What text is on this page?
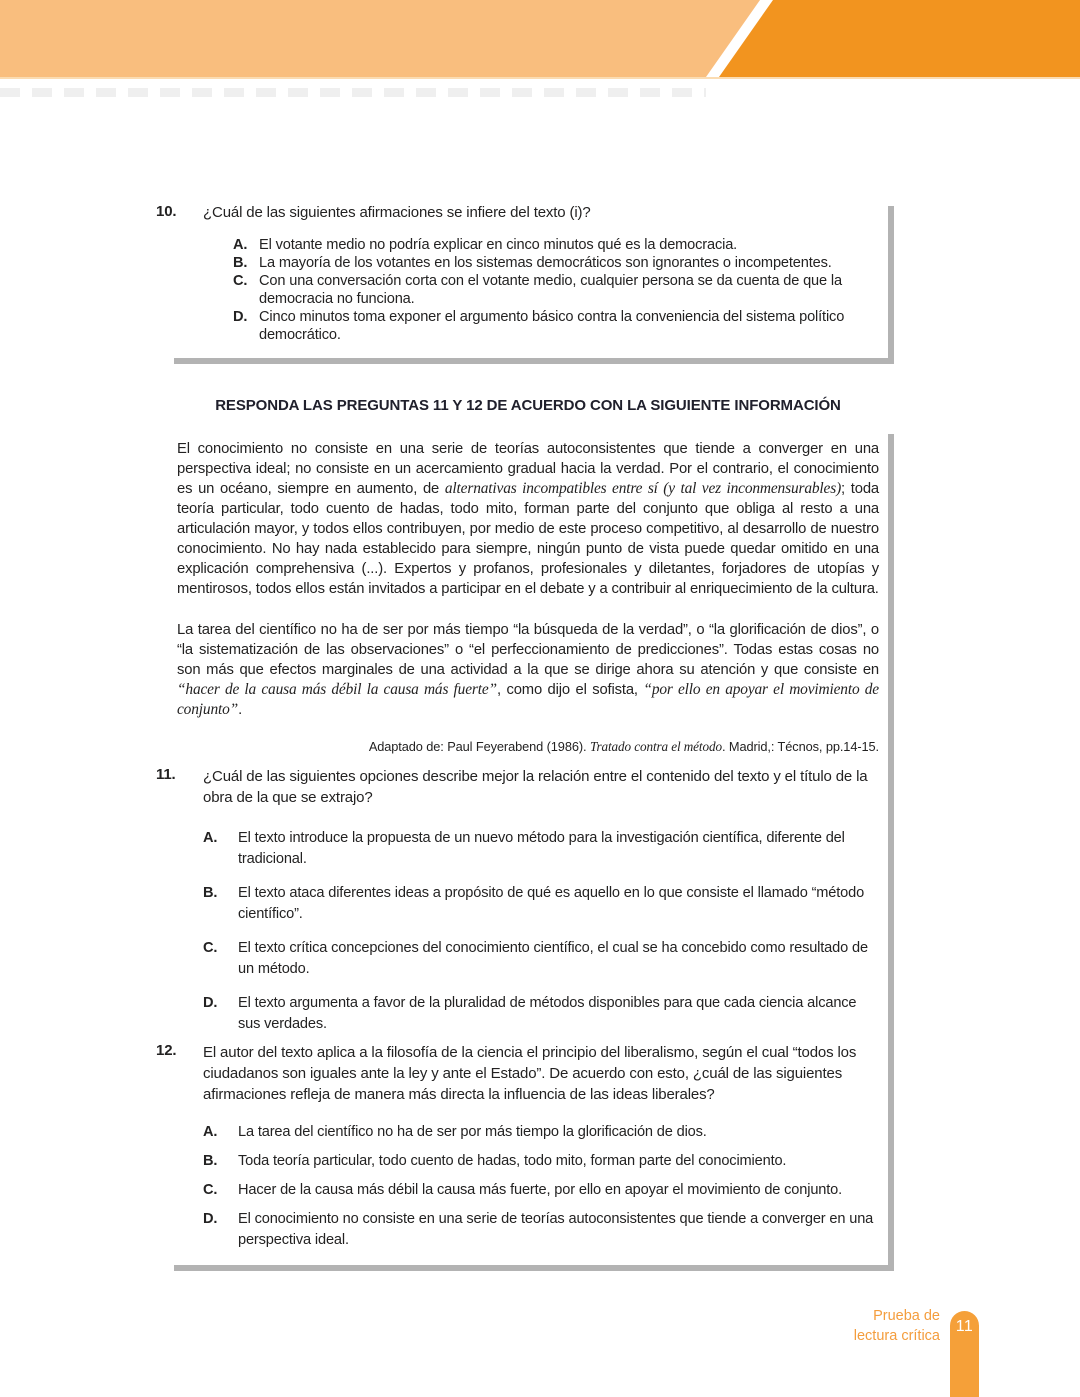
10. ¿Cuál de las siguientes afirmaciones se infiere del texto (i)?

A. El votante medio no podría explicar en cinco minutos qué es la democracia.
B. La mayoría de los votantes en los sistemas democráticos son ignorantes o incompetentes.
C. Con una conversación corta con el votante medio, cualquier persona se da cuenta de que la democracia no funciona.
D. Cinco minutos toma exponer el argumento básico contra la conveniencia del sistema político democrático.
RESPONDA LAS PREGUNTAS 11 Y 12 DE ACUERDO CON LA SIGUIENTE INFORMACIÓN

El conocimiento no consiste en una serie de teorías autoconsistentes que tiende a converger en una perspectiva ideal; no consiste en un acercamiento gradual hacia la verdad. Por el contrario, el conocimiento es un océano, siempre en aumento, de alternativas incompatibles entre sí (y tal vez inconmensurables); toda teoría particular, todo cuento de hadas, todo mito, forman parte del conjunto que obliga al resto a una articulación mayor, y todos ellos contribuyen, por medio de este proceso competitivo, al desarrollo de nuestro conocimiento. No hay nada establecido para siempre, ningún punto de vista puede quedar omitido en una explicación comprehensiva (...). Expertos y profanos, profesionales y diletantes, forjadores de utopías y mentirosos, todos ellos están invitados a participar en el debate y a contribuir al enriquecimiento de la cultura.

La tarea del científico no ha de ser por más tiempo “la búsqueda de la verdad”, o “la glorificación de dios”, o “la sistematización de las observaciones” o “el perfeccionamiento de predicciones”. Todas estas cosas no son más que efectos marginales de una actividad a la que se dirige ahora su atención y que consiste en “hacer de la causa más débil la causa más fuerte”, como dijo el sofista, “por ello en apoyar el movimiento de conjunto”.

Adaptado de: Paul Feyerabend (1986). Tratado contra el método. Madrid,: Técnos, pp.14-15.
11. ¿Cuál de las siguientes opciones describe mejor la relación entre el contenido del texto y el título de la obra de la que se extrajo?

A.	El texto introduce la propuesta de un nuevo método para la investigación científica, diferente del tradicional.
B.	El texto ataca diferentes ideas a propósito de qué es aquello en lo que consiste el llamado “método científico”.
C.	El texto crítica concepciones del conocimiento científico, el cual se ha concebido como resultado de un método.
D.	El texto argumenta a favor de la pluralidad de métodos disponibles para que cada ciencia alcance sus verdades.
12. El autor del texto aplica a la filosofía de la ciencia el principio del liberalismo, según el cual “todos los ciudadanos son iguales ante la ley y ante el Estado”. De acuerdo con esto, ¿cuál de las siguientes afirmaciones refleja de manera más directa la influencia de las ideas liberales?

A.	La tarea del científico no ha de ser por más tiempo la glorificación de dios.
B.	Toda teoría particular, todo cuento de hadas, todo mito, forman parte del conocimiento.
C.	Hacer de la causa más débil la causa más fuerte, por ello en apoyar el movimiento de conjunto.
D.	El conocimiento no consiste en una serie de teorías autoconsistentes que tiende a converger en una perspectiva ideal.
Prueba de
lectura crítica
11
